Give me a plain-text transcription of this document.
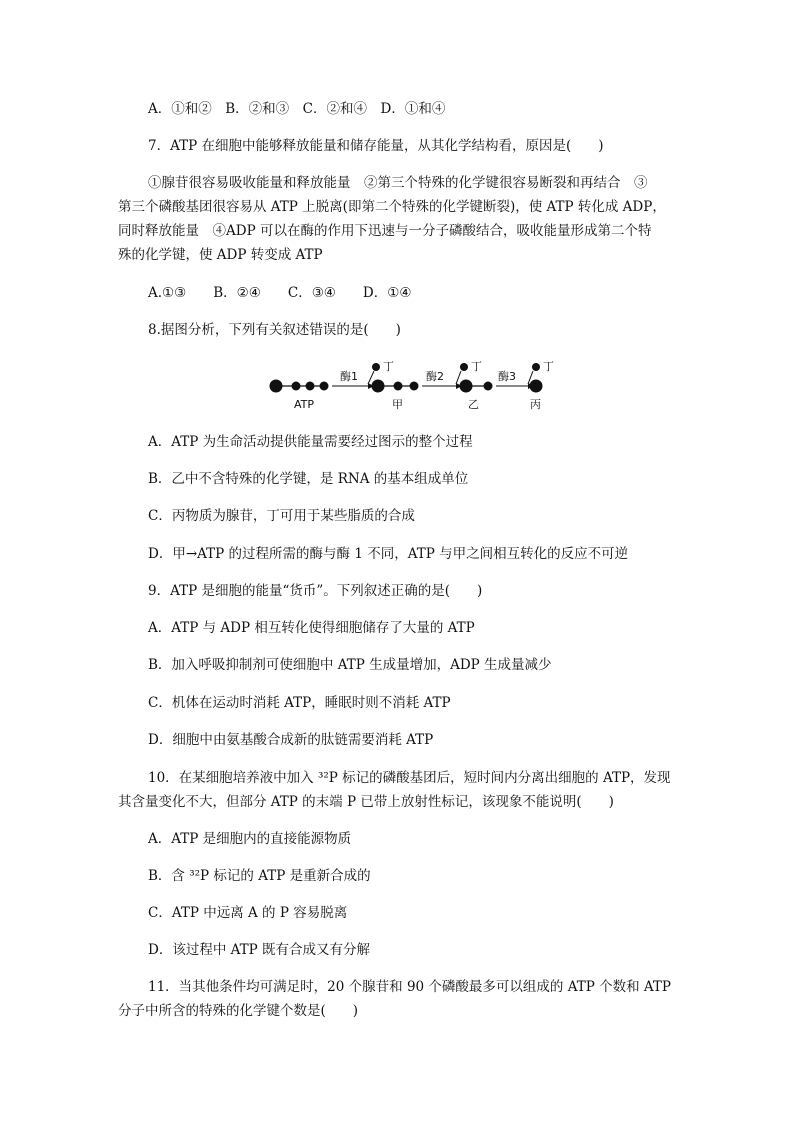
A．①和②　B．②和③　C．②和④　D．①和④
7．ATP 在细胞中能够释放能量和储存能量，从其化学结构看，原因是(　　)
①腺苷很容易吸收能量和释放能量　②第三个特殊的化学键很容易断裂和再结合　③
第三个磷酸基团很容易从 ATP 上脱离(即第二个特殊的化学键断裂)，使 ATP 转化成 ADP，
同时释放能量　④ADP 可以在酶的作用下迅速与一分子磷酸结合，吸收能量形成第二个特
殊的化学键，使 ADP 转变成 ATP
A.①③　　B．②④　　C．③④　　D．①④
8.据图分析，下列有关叙述错误的是(　　)
酶1
丁
酶2
丁
酶3
丁
ATP	甲	乙	丙
A．ATP 为生命活动提供能量需要经过图示的整个过程
B．乙中不含特殊的化学键，是 RNA 的基本组成单位
C．丙物质为腺苷，丁可用于某些脂质的合成
D．甲→ATP 的过程所需的酶与酶 1 不同，ATP 与甲之间相互转化的反应不可逆
9．ATP 是细胞的能量“货币”。下列叙述正确的是(　　)
A．ATP 与 ADP 相互转化使得细胞储存了大量的 ATP
B．加入呼吸抑制剂可使细胞中 ATP 生成量增加，ADP 生成量减少
C．机体在运动时消耗 ATP，睡眠时则不消耗 ATP
D．细胞中由氨基酸合成新的肽链需要消耗 ATP
10．在某细胞培养液中加入 ³²P 标记的磷酸基团后，短时间内分离出细胞的 ATP，发现
其含量变化不大，但部分 ATP 的末端 P 已带上放射性标记，该现象不能说明(　　)
A．ATP 是细胞内的直接能源物质
B．含 ³²P 标记的 ATP 是重新合成的
C．ATP 中远离 A 的 P 容易脱离
D．该过程中 ATP 既有合成又有分解
11．当其他条件均可满足时，20 个腺苷和 90 个磷酸最多可以组成的 ATP 个数和 ATP
分子中所含的特殊的化学键个数是(　　)
